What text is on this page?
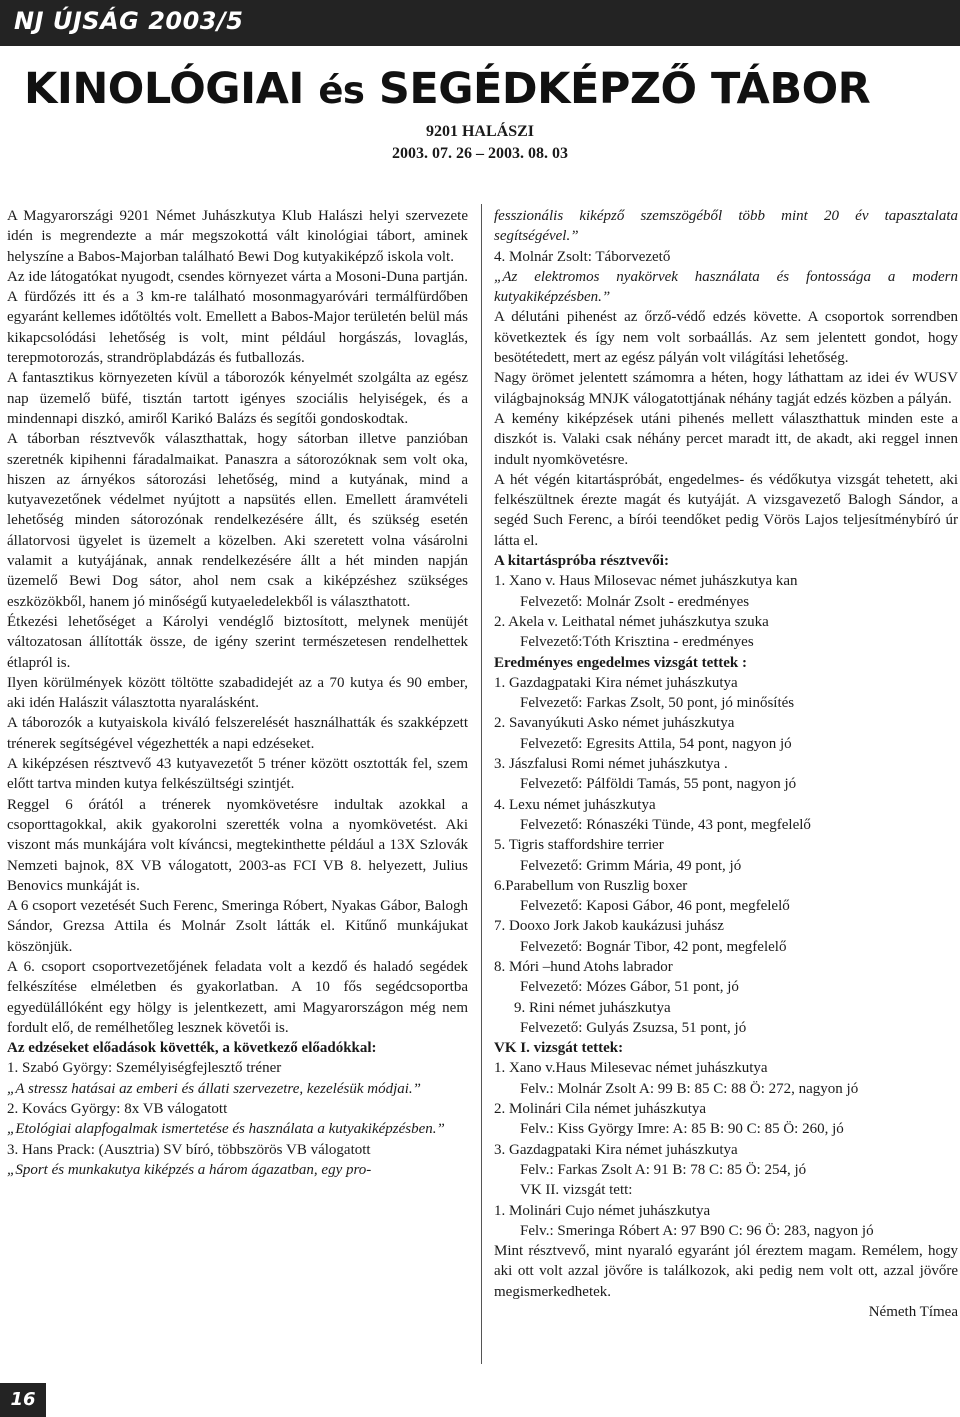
NJ ÚJSÁG 2003/5
KINOLÓGIAI és SEGÉDKÉPZŐ TÁBOR
9201 HALÁSZI
2003. 07. 26 – 2003. 08. 03

A Magyarországi 9201 Német Juhászkutya Klub Halászi helyi szervezete idén is megrendezte a már megszokottá vált kinológiai tábort, aminek helyszíne a Babos-Majorban található Bewi Dog kutyakiképző iskola volt.

Az ide látogatókat nyugodt, csendes környezet várta a Mosoni-Duna partján. A fürdőzés itt és a 3 km-re található mosonmagyaróvári termálfürdőben egyaránt kellemes időtöltés volt. Emellett a Babos-Major területén belül más kikapcsolódási lehetőség is volt, mint például horgászás, lovaglás, terepmotorozás, strandröplabdázás és futballozás.

A fantasztikus környezeten kívül a táborozók kényelmét szolgálta az egész nap üzemelő büfé, tisztán tartott igényes szociális helyiségek, és a mindennapi diszkó, amiről Karikó Balázs és segítői gondoskodtak.

A táborban résztvevők választhattak, hogy sátorban illetve panzióban szeretnék kipihenni fáradalmaikat. Panaszra a sátorozóknak sem volt oka, hiszen az árnyékos sátorozási lehetőség, mind a kutyának, mind a kutyavezetőnek védelmet nyújtott a napsütés ellen. Emellett áramvételi lehetőség minden sátorozónak rendelkezésére állt, és szükség esetén állatorvosi ügyelet is üzemelt a közelben. Aki szeretett volna vásárolni valamit a kutyájának, annak rendelkezésére állt a hét minden napján üzemelő Bewi Dog sátor, ahol nem csak a kiképzéshez szükséges eszközökből, hanem jó minőségű kutyaeledelekből is választhatott.

Étkezési lehetőséget a Károlyi vendéglő biztosított, melynek menüjét változatosan állították össze, de igény szerint természetesen rendelhettek étlapról is.

Ilyen körülmények között töltötte szabadidejét az a 70 kutya és 90 ember, aki idén Halászit választotta nyaralásként.

A táborozók a kutyaiskola kiváló felszerelését használhatták és szakképzett trénerek segítségével végezhették a napi edzéseket.

A kiképzésen résztvevő 43 kutyavezetőt 5 tréner között osztották fel, szem előtt tartva minden kutya felkészültségi szintjét.

Reggel 6 órától a trénerek nyomkövetésre indultak azokkal a csoporttagokkal, akik gyakorolni szerették volna a nyomkövetést. Aki viszont más munkájára volt kíváncsi, megtekinthette például a 13X Szlovák Nemzeti bajnok, 8X VB válogatott, 2003-as FCI VB 8. helyezett, Julius Benovics munkáját is.

A 6 csoport vezetését Such Ferenc, Smeringa Róbert, Nyakas Gábor, Balogh Sándor, Grezsa Attila és Molnár Zsolt látták el. Kitűnő munkájukat köszönjük.

A 6. csoport csoportvezetőjének feladata volt a kezdő és haladó segédek felkészítése elméletben és gyakorlatban. A 10 fős segédcsoportba egyedülállóként egy hölgy is jelentkezett, ami Magyarországon még nem fordult elő, de remélhetőleg lesznek követői is.

Az edzéseket előadások követték, a következő előadókkal:

1. Szabó György: Személyiségfejlesztő tréner

„A stressz hatásai az emberi és állati szervezetre, kezelésük módjai.”

2. Kovács György: 8x VB válogatott

„Etológiai alapfogalmak ismertetése és használata a kutyakiképzésben.”

3. Hans Prack: (Ausztria) SV bíró, többszörös VB válogatott

„Sport és munkakutya kiképzés a három ágazatban, egy pro-

fesszionális kiképző szemszögéből több mint 20 év tapasztalata segítségével.”

4. Molnár Zsolt: Táborvezető

„Az elektromos nyakörvek használata és fontossága a modern kutyakiképzésben.”

A délutáni pihenést az őrző-védő edzés követte. A csoportok sorrendben következtek és így nem volt sorbaállás. Az sem jelentett gondot, hogy besötétedett, mert az egész pályán volt világítási lehetőség.

Nagy örömet jelentett számomra a héten, hogy láthattam az idei év WUSV világbajnokság MNJK válogatottjának néhány tagját edzés közben a pályán.

A kemény kiképzések utáni pihenés mellett választhattuk minden este a diszkót is. Valaki csak néhány percet maradt itt, de akadt, aki reggel innen indult nyomkövetésre.

A hét végén kitartáspróbát, engedelmes- és védőkutya vizsgát tehetett, aki felkészültnek érezte magát és kutyáját. A vizsgavezető Balogh Sándor, a segéd Such Ferenc, a bírói teendőket pedig Vörös Lajos teljesítménybíró úr látta el.

A kitartáspróba résztvevői:

1. Xano v. Haus Milosevac német juhászkutya kan

Felvezető: Molnár Zsolt - eredményes

2. Akela v. Leithatal német juhászkutya szuka

Felvezető:Tóth Krisztina - eredményes

Eredményes engedelmes vizsgát tettek :

1. Gazdagpataki Kira német juhászkutya

Felvezető: Farkas Zsolt, 50 pont, jó minősítés

2. Savanyúkuti Asko német juhászkutya

Felvezető: Egresits Attila, 54 pont, nagyon jó

3. Jászfalusi Romi német juhászkutya .

Felvezető: Pálföldi Tamás, 55 pont, nagyon jó

4. Lexu német juhászkutya

Felvezető: Rónaszéki Tünde, 43 pont, megfelelő

5. Tigris staffordshire terrier

Felvezető: Grimm Mária, 49 pont, jó

6.Parabellum von Ruszlig boxer

Felvezető: Kaposi Gábor, 46 pont, megfelelő

7. Dooxo Jork Jakob kaukázusi juhász

Felvezető: Bognár Tibor, 42 pont, megfelelő

8. Móri –hund Atohs labrador

Felvezető: Mózes Gábor, 51 pont, jó

9. Rini német juhászkutya

Felvezető: Gulyás Zsuzsa, 51 pont, jó

VK I. vizsgát tettek:

1. Xano v.Haus Milesevac német juhászkutya

Felv.: Molnár Zsolt A: 99 B: 85 C: 88 Ö: 272, nagyon jó

2. Molinári Cila német juhászkutya

Felv.: Kiss György Imre: A: 85 B: 90 C: 85 Ö: 260, jó

3. Gazdagpataki Kira német juhászkutya

Felv.: Farkas Zsolt A: 91 B: 78 C: 85 Ö: 254, jó

VK II. vizsgát tett:

1. Molinári Cujo német juhászkutya

Felv.: Smeringa Róbert A: 97 B90 C: 96 Ö: 283, nagyon jó

Mint résztvevő, mint nyaraló egyaránt jól éreztem magam. Remélem, hogy aki ott volt azzal jövőre is találkozok, aki pedig nem volt ott, azzal jövőre megismerkedhetek.

Németh Tímea

16
